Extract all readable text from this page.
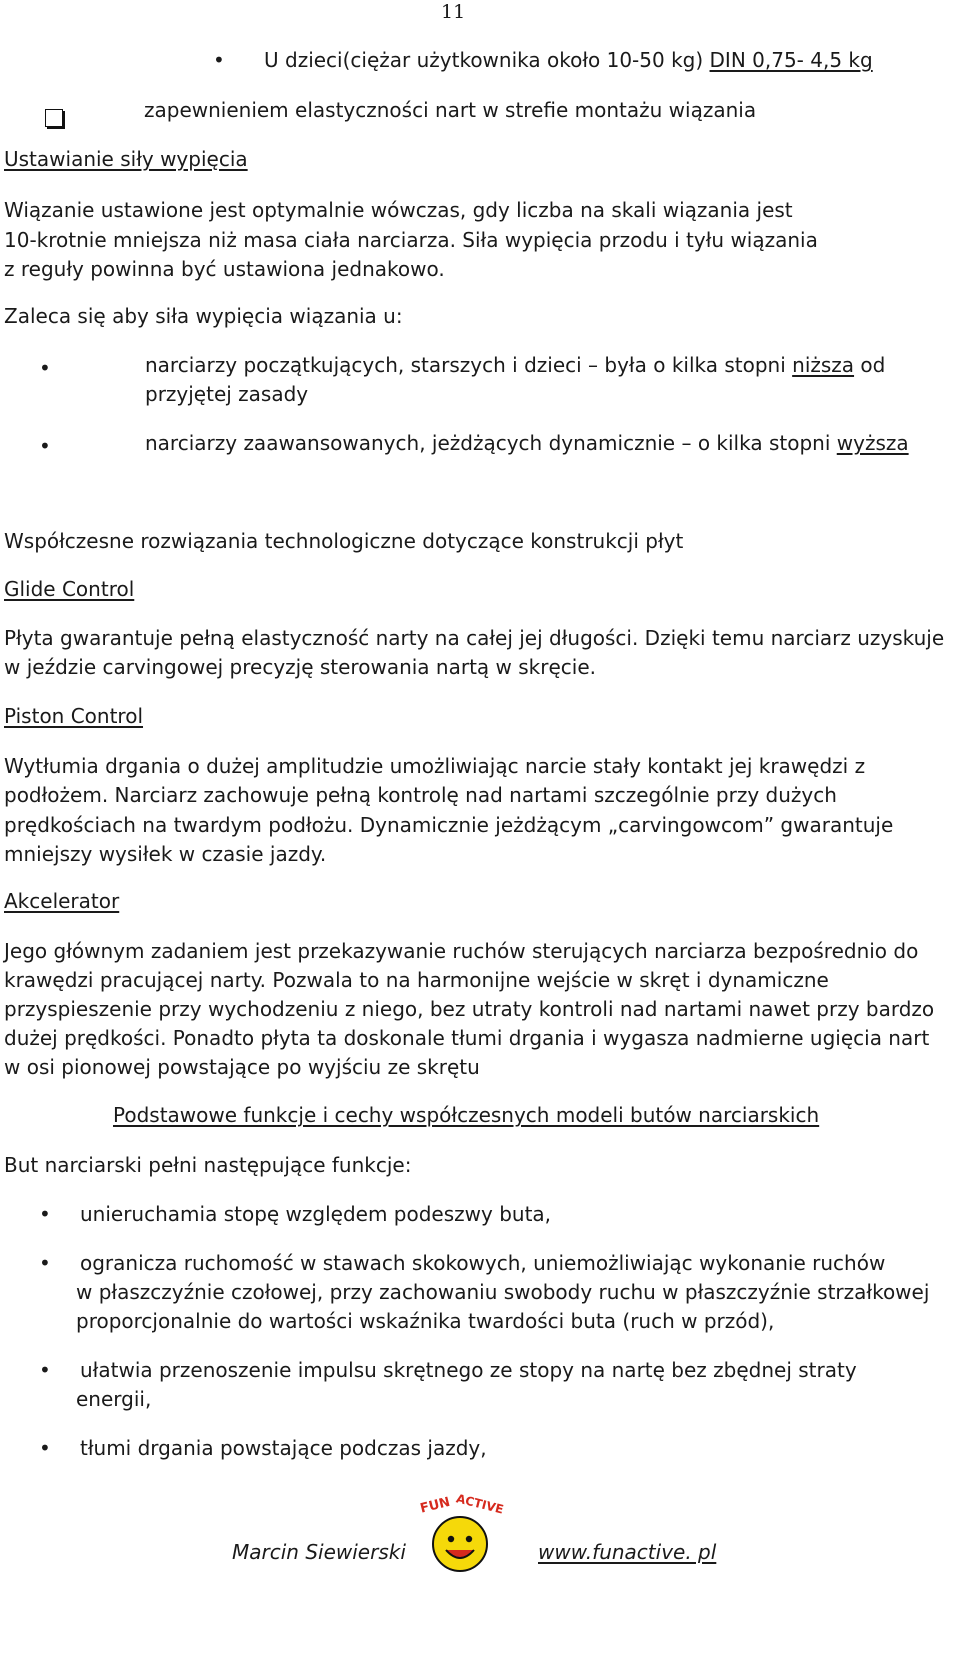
11
• U dzieci(ciężar użytkownika około 10-50 kg) DIN 0,75- 4,5 kg
zapewnieniem elastyczności nart w strefie montażu wiązania
Ustawianie siły wypięcia
Wiązanie ustawione jest optymalnie wówczas, gdy liczba na skali wiązania jest
10-krotnie mniejsza niż masa ciała narciarza. Siła wypięcia przodu i tyłu wiązania
z reguły powinna być ustawiona jednakowo.
Zaleca się aby siła wypięcia wiązania u:
•	narciarzy początkujących, starszych i dzieci – była o kilka stopni niższa od
przyjętej zasady
•	narciarzy zaawansowanych, jeżdżących dynamicznie – o kilka stopni wyższa
Współczesne rozwiązania technologiczne dotyczące konstrukcji płyt
Glide Control
Płyta gwarantuje pełną elastyczność narty na całej jej długości. Dzięki temu narciarz uzyskuje
w jeździe carvingowej precyzję sterowania nartą w skręcie.
Piston Control
Wytłumia drgania o dużej amplitudzie umożliwiając narcie stały kontakt jej krawędzi z
podłożem. Narciarz zachowuje pełną kontrolę nad nartami szczególnie przy dużych
prędkościach na twardym podłożu. Dynamicznie jeżdżącym „carvingowcom” gwarantuje
mniejszy wysiłek w czasie jazdy.
Akcelerator
Jego głównym zadaniem jest przekazywanie ruchów sterujących narciarza bezpośrednio do
krawędzi pracującej narty. Pozwala to na harmonijne wejście w skręt i dynamiczne
przyspieszenie przy wychodzeniu z niego, bez utraty kontroli nad nartami nawet przy bardzo
dużej prędkości. Ponadto płyta ta doskonale tłumi drgania i wygasza nadmierne ugięcia nart
w osi pionowej powstające po wyjściu ze skrętu
Podstawowe funkcje i cechy współczesnych modeli butów narciarskich
But narciarski pełni następujące funkcje:
• unieruchamia stopę względem podeszwy buta,
• ogranicza ruchomość w stawach skokowych, uniemożliwiając wykonanie ruchów
w płaszczyźnie czołowej, przy zachowaniu swobody ruchu w płaszczyźnie strzałkowej
proporcjonalnie do wartości wskaźnika twardości buta (ruch w przód),
• ułatwia przenoszenie impulsu skrętnego ze stopy na nartę bez zbędnej straty
energii,
• tłumi drgania powstające podczas jazdy,
Marcin Siewierski
FUN ACTIVE
www.funactive. pl
